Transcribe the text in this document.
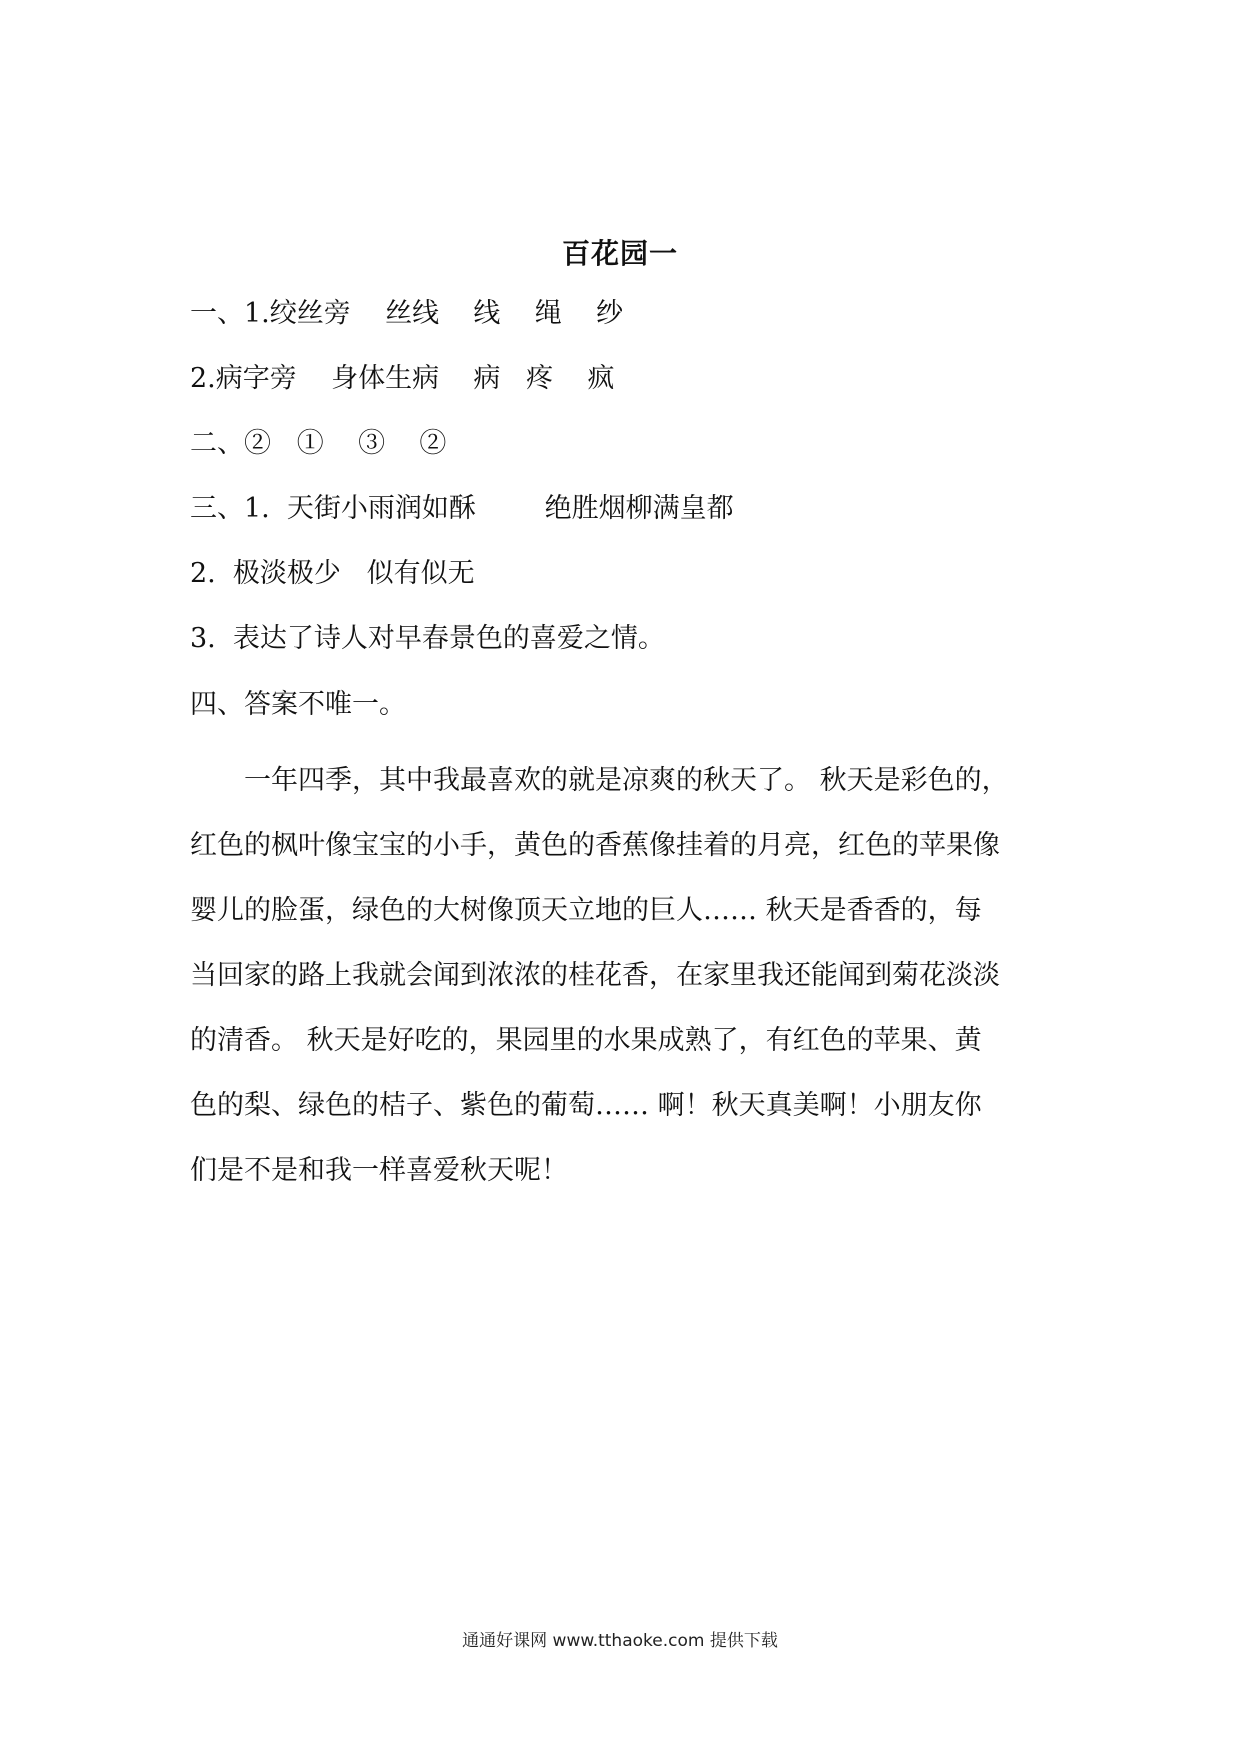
百花园一
一、1.绞丝旁    丝线    线    绳    纱
2.病字旁    身体生病    病   疼    疯
二、②   ①    ③    ②
三、1.  天街小雨润如酥        绝胜烟柳满皇都
2.  极淡极少   似有似无
3.  表达了诗人对早春景色的喜爱之情。
四、答案不唯一。
一年四季，其中我最喜欢的就是凉爽的秋天了。 秋天是彩色的，
红色的枫叶像宝宝的小手，黄色的香蕉像挂着的月亮，红色的苹果像
婴儿的脸蛋，绿色的大树像顶天立地的巨人…… 秋天是香香的，每
当回家的路上我就会闻到浓浓的桂花香，在家里我还能闻到菊花淡淡
的清香。 秋天是好吃的，果园里的水果成熟了，有红色的苹果、黄
色的梨、绿色的桔子、紫色的葡萄…… 啊！秋天真美啊！小朋友你
们是不是和我一样喜爱秋天呢！
通通好课网 www.tthaoke.com 提供下载
